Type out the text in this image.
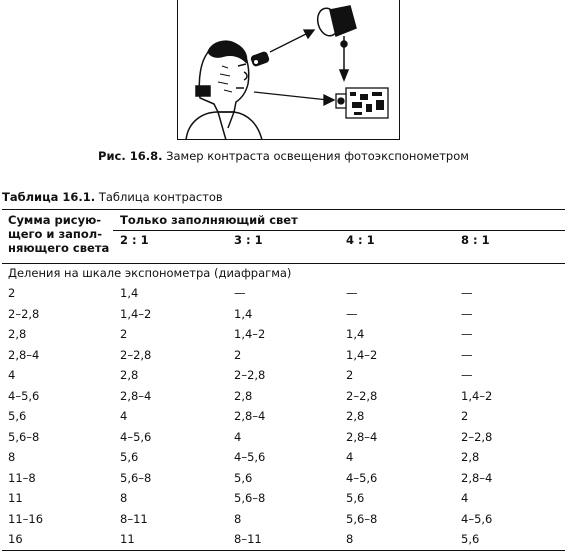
Рис. 16.8. Замер контраста освещения фотоэкспонометром
Таблица 16.1. Таблица контрастов
Сумма рисую-
щего и запол-
няющего света
Только заполняющий свет
2 : 1	3 : 1	4 : 1	8 : 1
Деления на шкале экспонометра (диафрагма)
2	1,4	—	—	—
2–2,8	1,4–2	1,4	—	—
2,8	2	1,4–2	1,4	—
2,8–4	2–2,8	2	1,4–2	—
4	2,8	2–2,8	2	—
4–5,6	2,8–4	2,8	2–2,8	1,4–2
5,6	4	2,8–4	2,8	2
5,6–8	4–5,6	4	2,8–4	2–2,8
8	5,6	4–5,6	4	2,8
11–8	5,6–8	5,6	4–5,6	2,8–4
11	8	5,6–8	5,6	4
11–16	8–11	8	5,6–8	4–5,6
16	11	8–11	8	5,6
